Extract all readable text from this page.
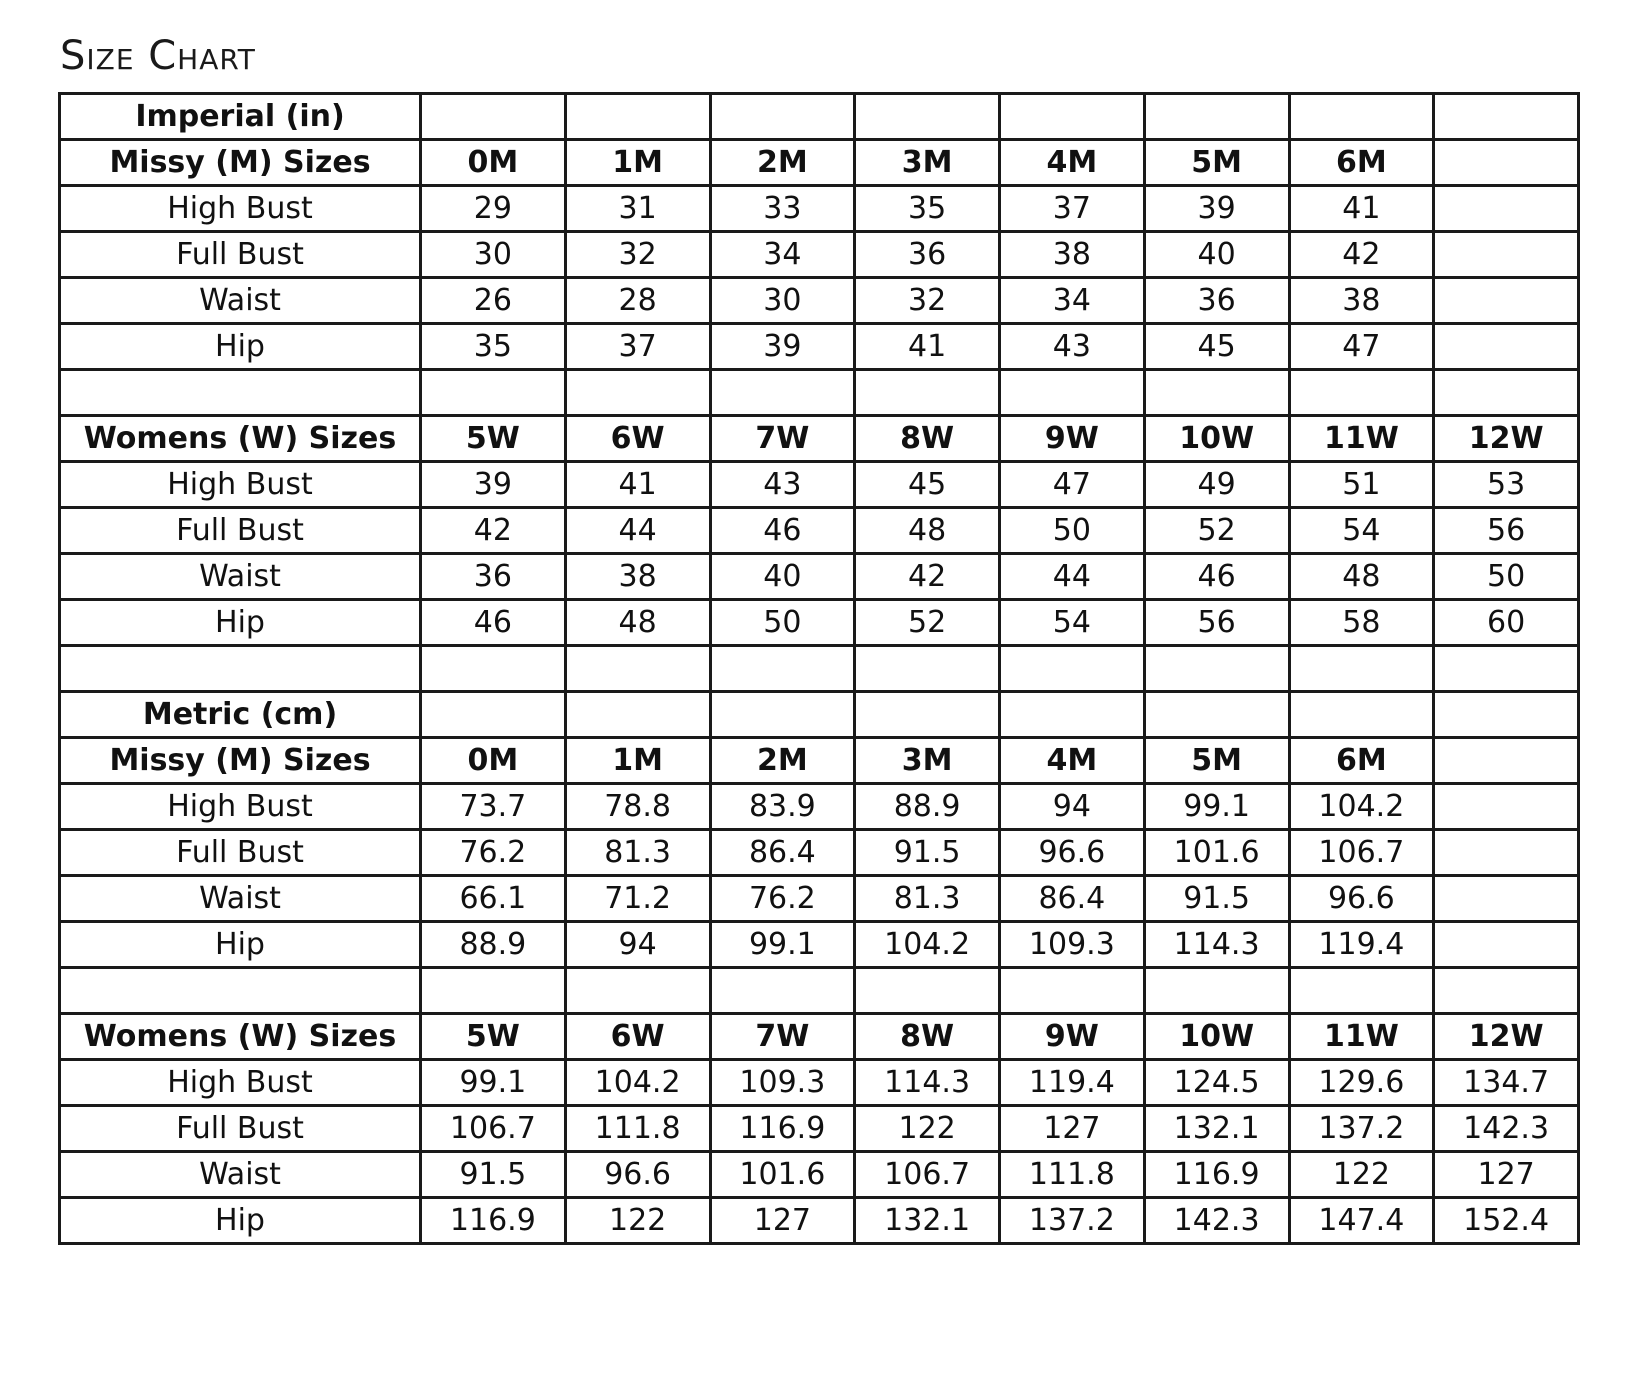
Size Chart
Imperial (in)								
Missy (M) Sizes	0M	1M	2M	3M	4M	5M	6M	
High Bust	29	31	33	35	37	39	41	
Full Bust	30	32	34	36	38	40	42	
Waist	26	28	30	32	34	36	38	
Hip	35	37	39	41	43	45	47	

Womens (W) Sizes	5W	6W	7W	8W	9W	10W	11W	12W
High Bust	39	41	43	45	47	49	51	53
Full Bust	42	44	46	48	50	52	54	56
Waist	36	38	40	42	44	46	48	50
Hip	46	48	50	52	54	56	58	60

Metric (cm)								
Missy (M) Sizes	0M	1M	2M	3M	4M	5M	6M	
High Bust	73.7	78.8	83.9	88.9	94	99.1	104.2	
Full Bust	76.2	81.3	86.4	91.5	96.6	101.6	106.7	
Waist	66.1	71.2	76.2	81.3	86.4	91.5	96.6	
Hip	88.9	94	99.1	104.2	109.3	114.3	119.4	

Womens (W) Sizes	5W	6W	7W	8W	9W	10W	11W	12W
High Bust	99.1	104.2	109.3	114.3	119.4	124.5	129.6	134.7
Full Bust	106.7	111.8	116.9	122	127	132.1	137.2	142.3
Waist	91.5	96.6	101.6	106.7	111.8	116.9	122	127
Hip	116.9	122	127	132.1	137.2	142.3	147.4	152.4
